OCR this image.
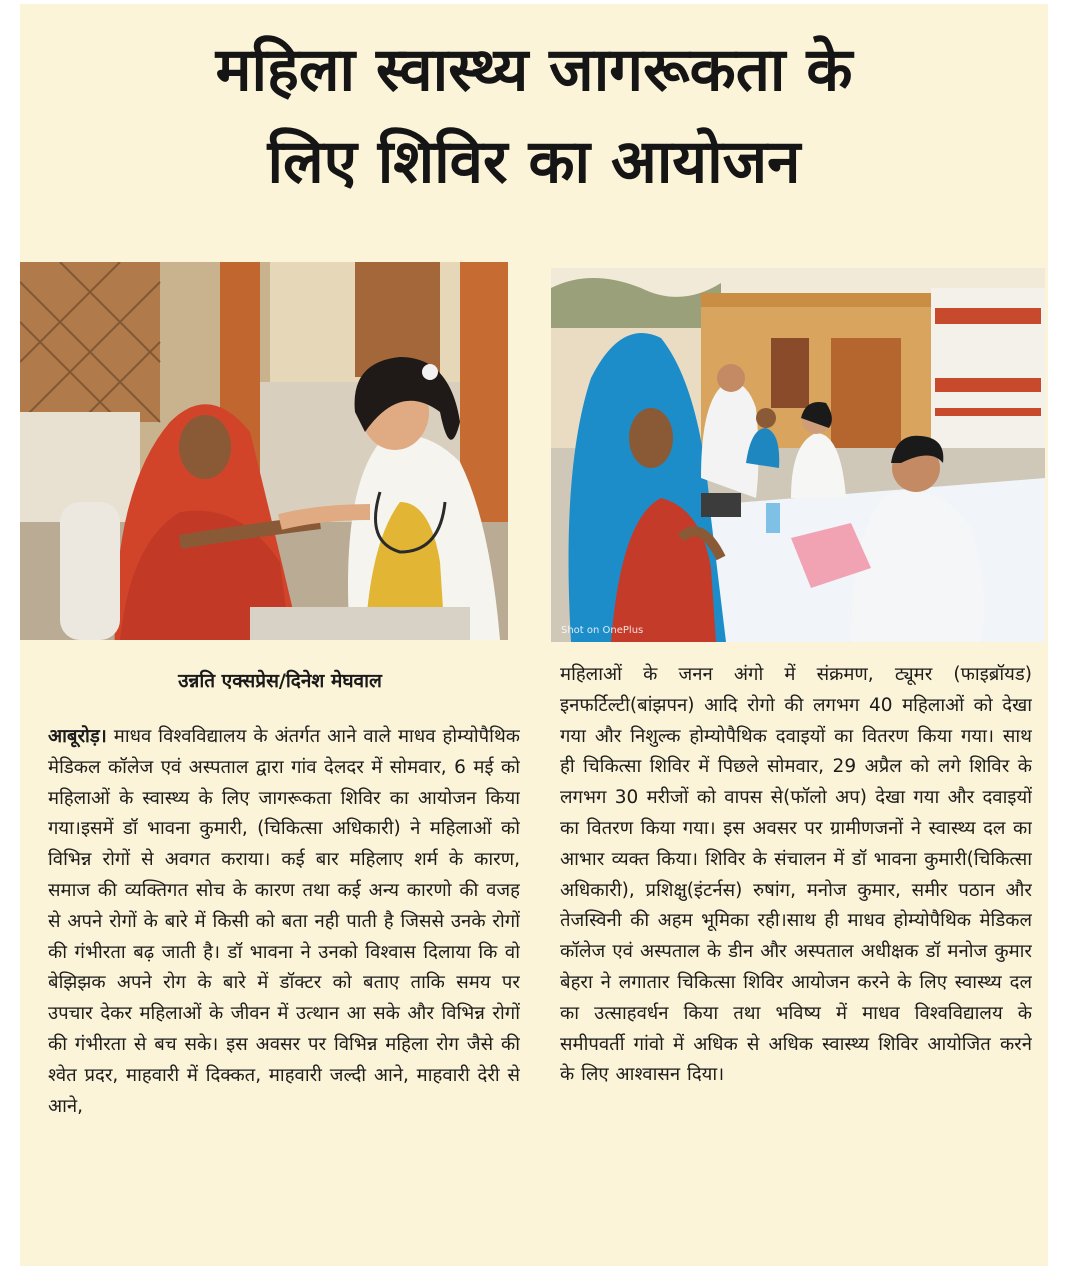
महिला स्वास्थ्य जागरूकता के
लिए शिविर का आयोजन
Shot on OnePlus
उन्नति एक्सप्रेस/दिनेश मेघवाल
आबूरोड़। माधव विश्वविद्यालय के अंतर्गत आने वाले माधव होम्योपैथिक मेडिकल कॉलेज एवं अस्पताल द्वारा गांव देलदर में सोमवार, 6 मई को महिलाओं के स्वास्थ्य के लिए जागरूकता शिविर का आयोजन किया गया।इसमें डॉ भावना कुमारी, (चिकित्सा अधिकारी) ने महिलाओं को विभिन्न रोगों से अवगत कराया। कई बार महिलाए शर्म के कारण, समाज की व्यक्तिगत सोच के कारण तथा कई अन्य कारणो की वजह से अपने रोगों के बारे में किसी को बता नही पाती है जिससे उनके रोगों की गंभीरता बढ़ जाती है। डॉ भावना ने उनको विश्वास दिलाया कि वो बेझिझक अपने रोग के बारे में डॉक्टर को बताए ताकि समय पर उपचार देकर महिलाओं के जीवन में उत्थान आ सके और विभिन्न रोगों की गंभीरता से बच सके। इस अवसर पर विभिन्न महिला रोग जैसे की श्वेत प्रदर, माहवारी में दिक्कत, माहवारी जल्दी आने, माहवारी देरी से आने,
महिलाओं के जनन अंगो में संक्रमण, ट्यूमर (फाइब्रॉयड) इनफर्टिल्टी(बांझपन) आदि रोगो की लगभग 40 महिलाओं को देखा गया और निशुल्क होम्योपैथिक दवाइयों का वितरण किया गया। साथ ही चिकित्सा शिविर में पिछले सोमवार, 29 अप्रैल को लगे शिविर के लगभग 30 मरीजों को वापस से(फॉलो अप) देखा गया और दवाइयों का वितरण किया गया। इस अवसर पर ग्रामीणजनों ने स्वास्थ्य दल का आभार व्यक्त किया। शिविर के संचालन में डॉ भावना कुमारी(चिकित्सा अधिकारी), प्रशिक्षु(इंटर्नस) रुषांग, मनोज कुमार, समीर पठान और तेजस्विनी की अहम भूमिका रही।साथ ही माधव होम्योपैथिक मेडिकल कॉलेज एवं अस्पताल के डीन और अस्पताल अधीक्षक डॉ मनोज कुमार बेहरा ने लगातार चिकित्सा शिविर आयोजन करने के लिए स्वास्थ्य दल का उत्साहवर्धन किया तथा भविष्य में माधव विश्वविद्यालय के समीपवर्ती गांवो में अधिक से अधिक स्वास्थ्य शिविर आयोजित करने के लिए आश्वासन दिया।
